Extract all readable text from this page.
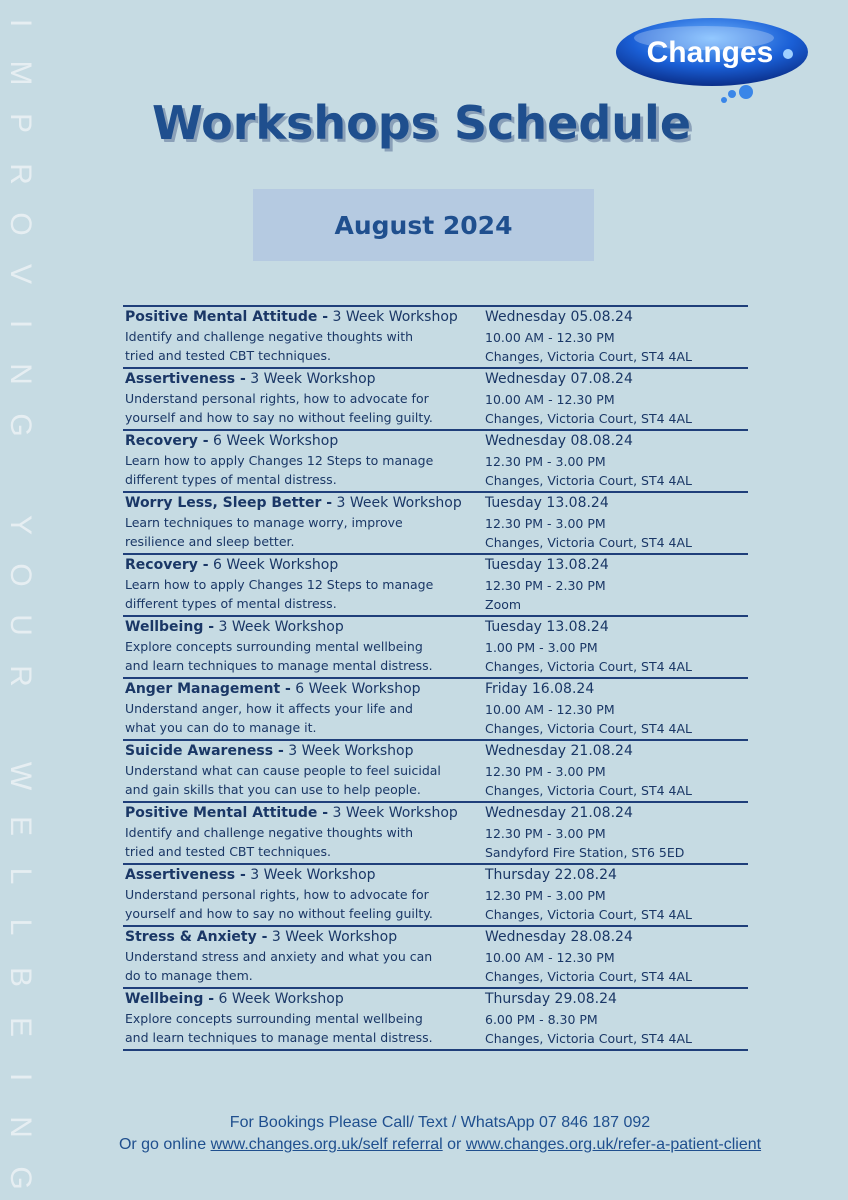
I
M
P
R
O
V
I
N
G

Y
O
U
R

W
E
L
L
B
E
I
N
G
Changes
Workshops Schedule
August 2024
Positive Mental Attitude - 3 Week Workshop
Identify and challenge negative thoughts with
tried and tested CBT techniques.
Wednesday 05.08.24
10.00 AM - 12.30 PM
Changes, Victoria Court, ST4 4AL
Assertiveness - 3 Week Workshop
Understand personal rights, how to advocate for
yourself and how to say no without feeling guilty.
Wednesday 07.08.24
10.00 AM - 12.30 PM
Changes, Victoria Court, ST4 4AL
Recovery - 6 Week Workshop
Learn how to apply Changes 12 Steps to manage
different types of mental distress.
Wednesday 08.08.24
12.30 PM - 3.00 PM
Changes, Victoria Court, ST4 4AL
Worry Less, Sleep Better - 3 Week Workshop
Learn techniques to manage worry, improve
resilience and sleep better.
Tuesday 13.08.24
12.30 PM - 3.00 PM
Changes, Victoria Court, ST4 4AL
Recovery - 6 Week Workshop
Learn how to apply Changes 12 Steps to manage
different types of mental distress.
Tuesday 13.08.24
12.30 PM - 2.30 PM
Zoom
Wellbeing - 3 Week Workshop
Explore concepts surrounding mental wellbeing
and learn techniques to manage mental distress.
Tuesday 13.08.24
1.00 PM - 3.00 PM
Changes, Victoria Court, ST4 4AL
Anger Management - 6 Week Workshop
Understand anger, how it affects your life and
what you can do to manage it.
Friday 16.08.24
10.00 AM - 12.30 PM
Changes, Victoria Court, ST4 4AL
Suicide Awareness - 3 Week Workshop
Understand what can cause people to feel suicidal
and gain skills that you can use to help people.
Wednesday 21.08.24
12.30 PM - 3.00 PM
Changes, Victoria Court, ST4 4AL
Positive Mental Attitude - 3 Week Workshop
Identify and challenge negative thoughts with
tried and tested CBT techniques.
Wednesday 21.08.24
12.30 PM - 3.00 PM
Sandyford Fire Station, ST6 5ED
Assertiveness - 3 Week Workshop
Understand personal rights, how to advocate for
yourself and how to say no without feeling guilty.
Thursday 22.08.24
12.30 PM - 3.00 PM
Changes, Victoria Court, ST4 4AL
Stress & Anxiety - 3 Week Workshop
Understand stress and anxiety and what you can
do to manage them.
Wednesday 28.08.24
10.00 AM - 12.30 PM
Changes, Victoria Court, ST4 4AL
Wellbeing - 6 Week Workshop
Explore concepts surrounding mental wellbeing
and learn techniques to manage mental distress.
Thursday 29.08.24
6.00 PM - 8.30 PM
Changes, Victoria Court, ST4 4AL
For Bookings Please Call/ Text / WhatsApp 07 846 187 092
Or go online www.changes.org.uk/self referral or www.changes.org.uk/refer-a-patient-client
